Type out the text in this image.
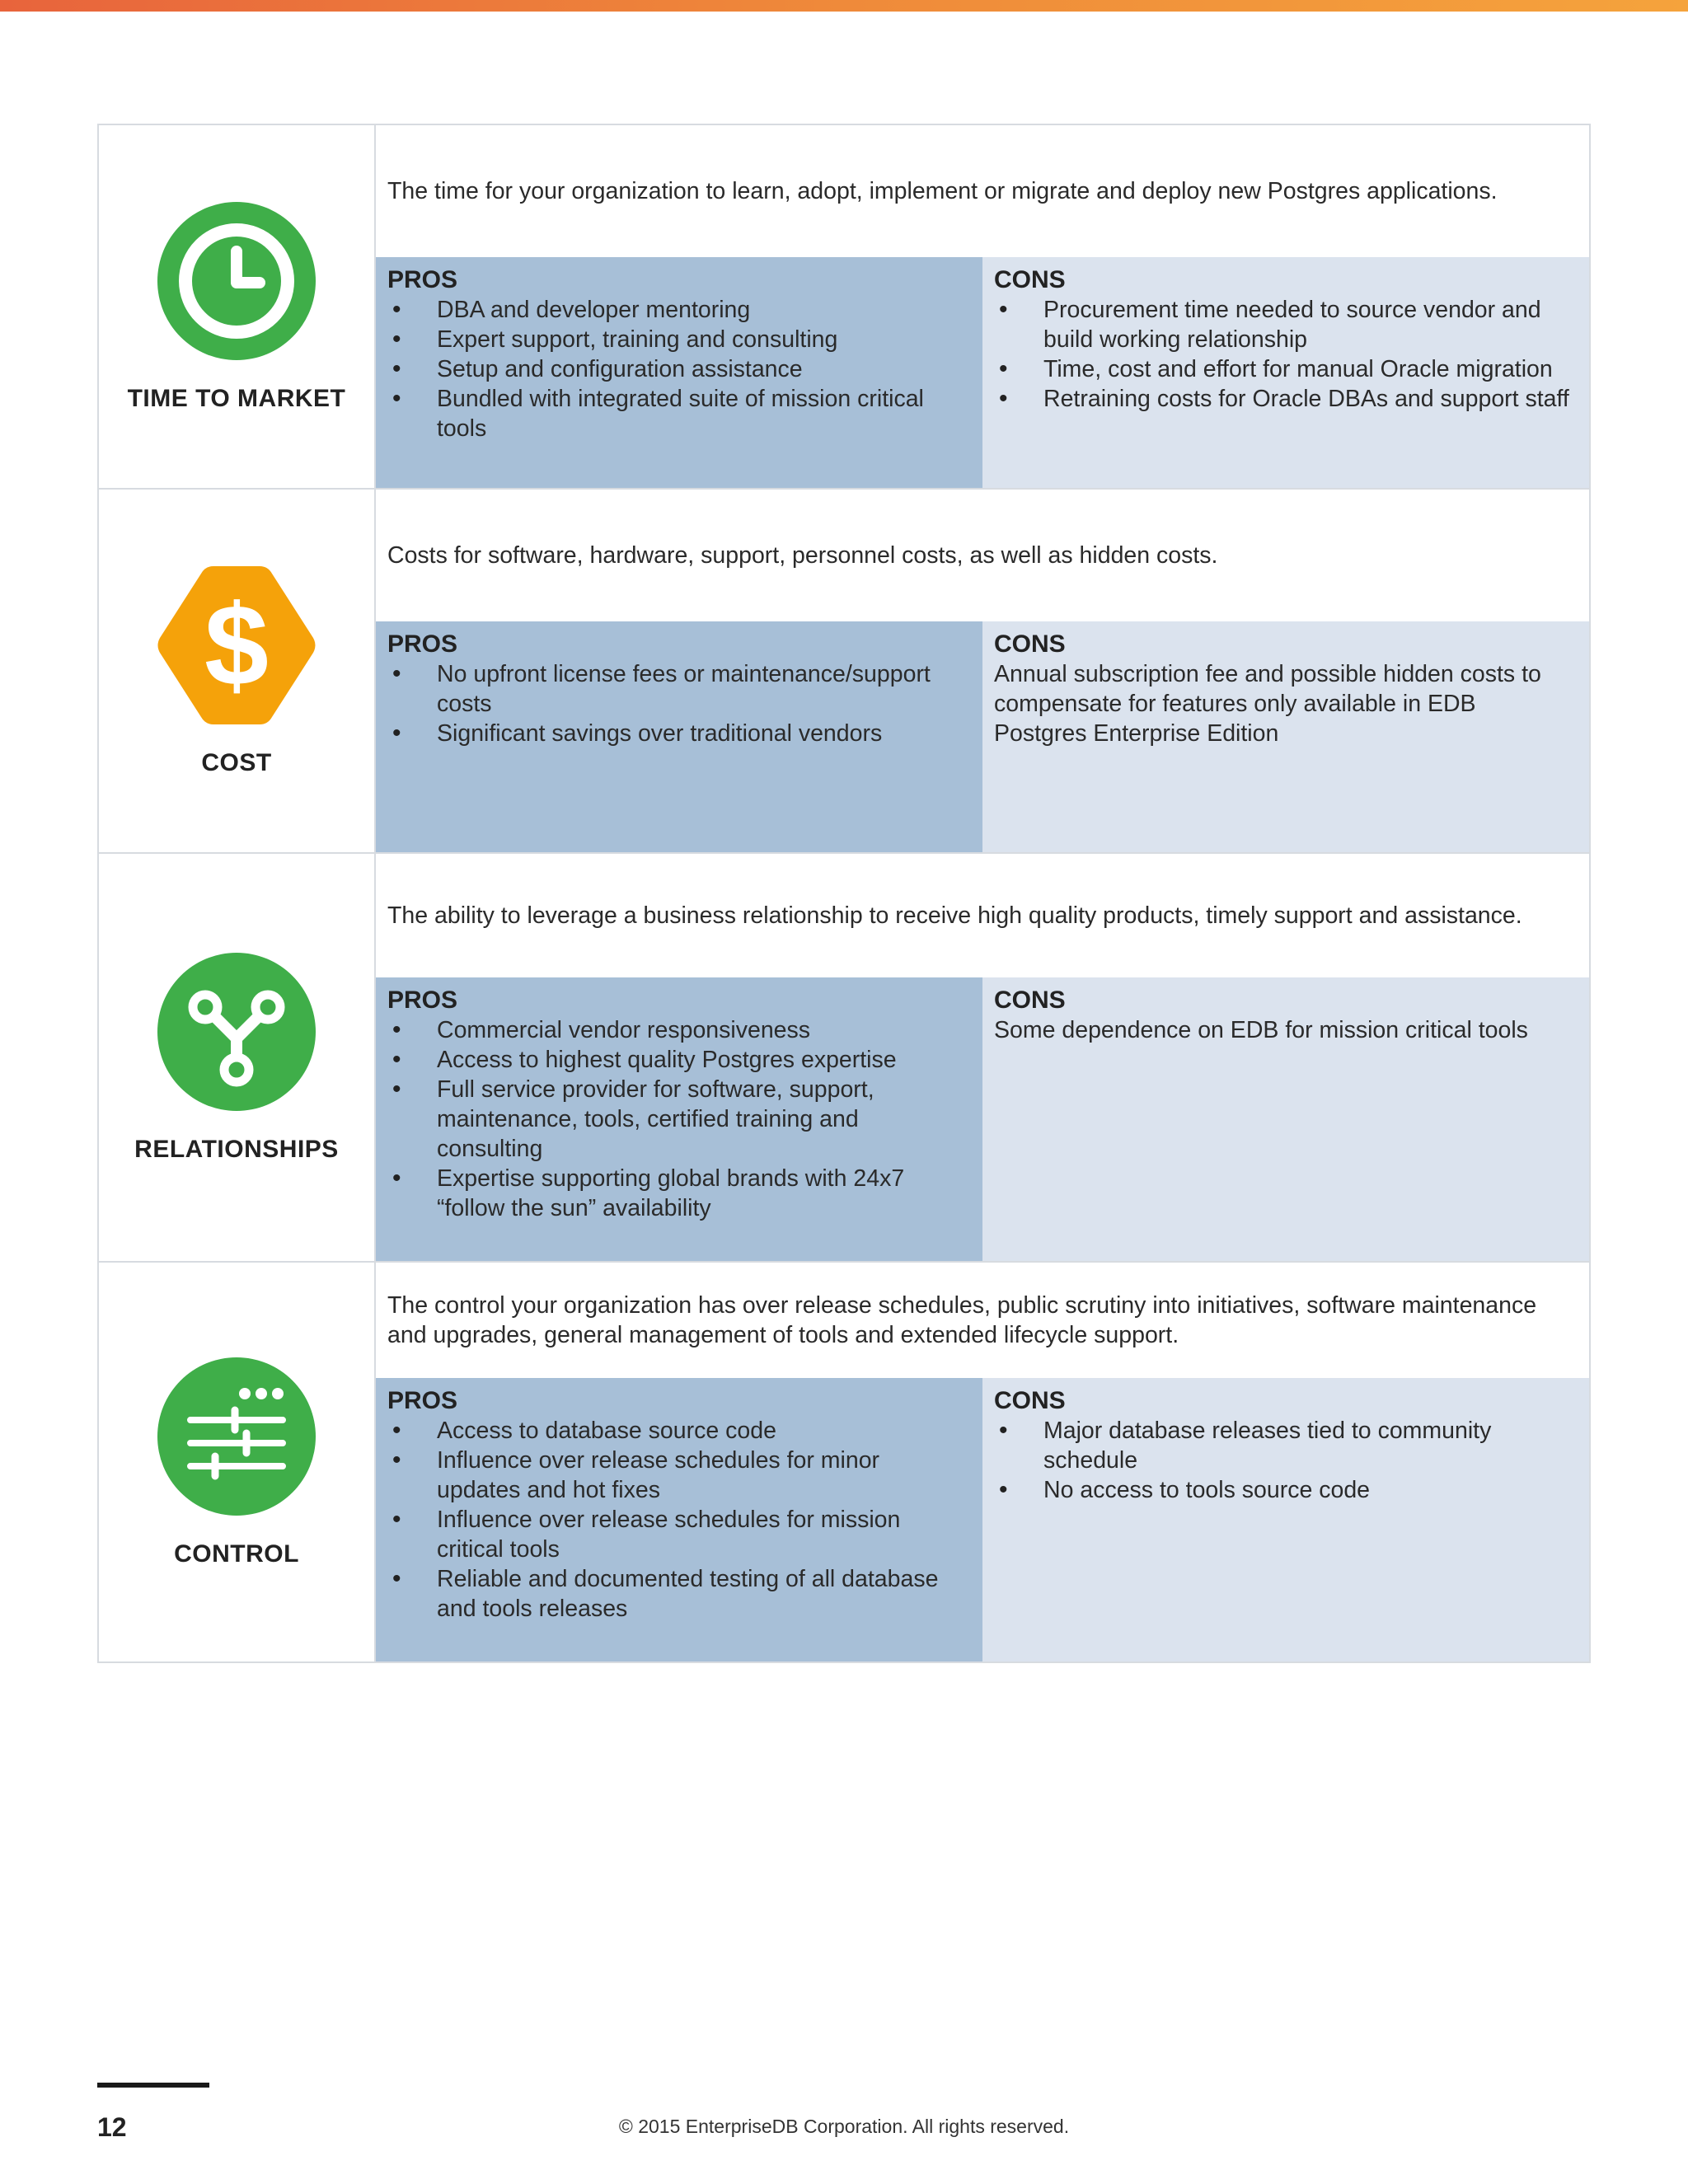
TIME TO MARKET
The time for your organization to learn, adopt, implement or migrate and deploy new Postgres applications.
PROS
• DBA and developer mentoring
• Expert support, training and consulting
• Setup and configuration assistance
• Bundled with integrated suite of mission critical tools
CONS
• Procurement time needed to source vendor and build working relationship
• Time, cost and effort for manual Oracle migration
• Retraining costs for Oracle DBAs and support staff
$
COST
Costs for software, hardware, support, personnel costs, as well as hidden costs.
PROS
• No upfront license fees or maintenance/support costs
• Significant savings over traditional vendors
CONS
Annual subscription fee and possible hidden costs to compensate for features only available in EDB Postgres Enterprise Edition
RELATIONSHIPS
The ability to leverage a business relationship to receive high quality products, timely support and assistance.
PROS
• Commercial vendor responsiveness
• Access to highest quality Postgres expertise
• Full service provider for software, support, maintenance, tools, certified training and consulting
• Expertise supporting global brands with 24x7 “follow the sun” availability
CONS
Some dependence on EDB for mission critical tools
CONTROL
The control your organization has over release schedules, public scrutiny into initiatives, software maintenance and upgrades, general management of tools and extended lifecycle support.
PROS
• Access to database source code
• Influence over release schedules for minor updates and hot fixes
• Influence over release schedules for mission critical tools
• Reliable and documented testing of all database and tools releases
CONS
• Major database releases tied to community schedule
• No access to tools source code
12	© 2015 EnterpriseDB Corporation. All rights reserved.
